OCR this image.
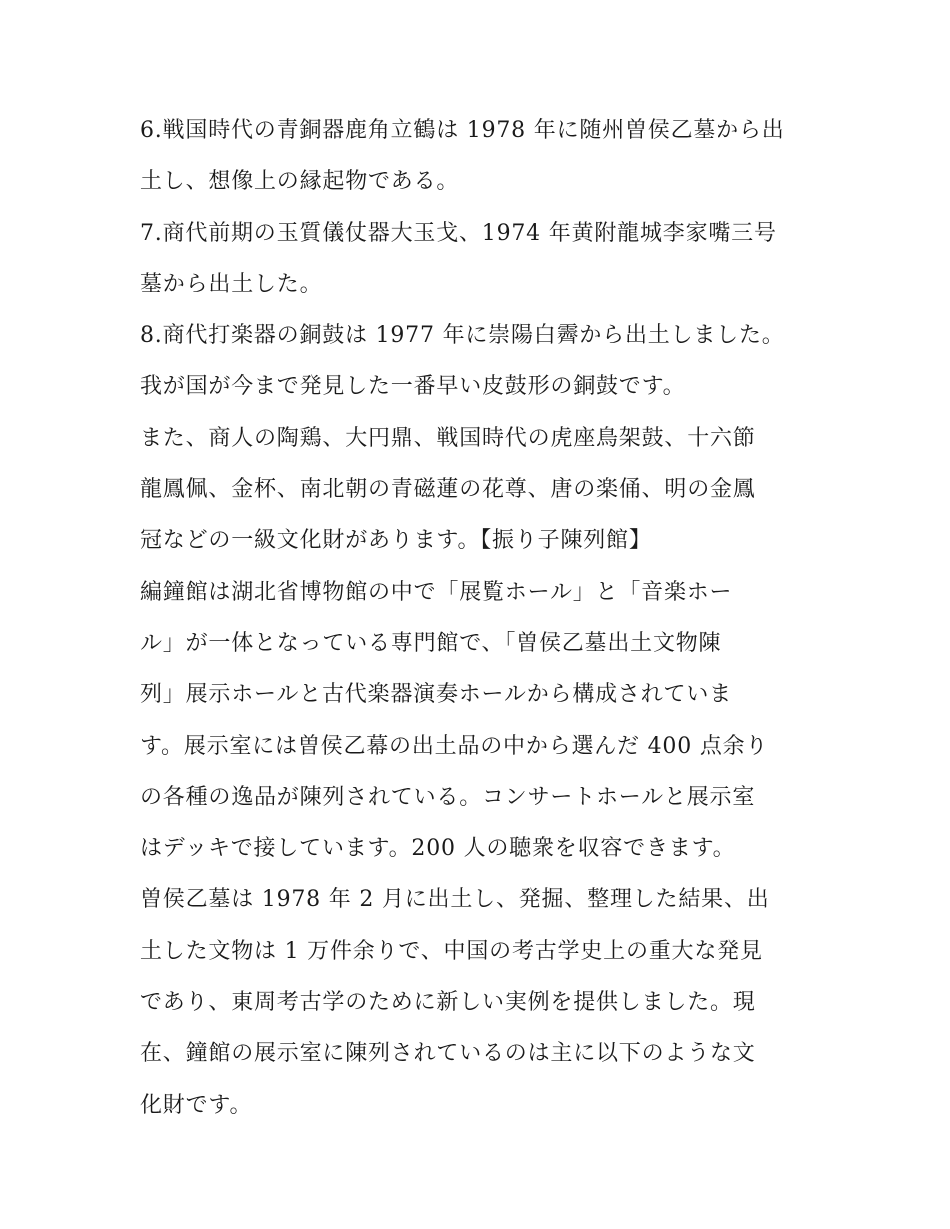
6.戦国時代の青銅器鹿角立鶴は 1978 年に随州曽侯乙墓から出
土し、想像上の縁起物である。
7.商代前期の玉質儀仗器大玉戈、1974 年黄附龍城李家嘴三号
墓から出土した。
8.商代打楽器の銅鼓は 1977 年に崇陽白霽から出土しました。
我が国が今まで発見した一番早い皮鼓形の銅鼓です。
また、商人の陶鶏、大円鼎、戦国時代の虎座鳥架鼓、十六節
龍鳳佩、金杯、南北朝の青磁蓮の花尊、唐の楽俑、明の金鳳
冠などの一級文化財があります。【振り子陳列館】
編鐘館は湖北省博物館の中で「展覧ホール」と「音楽ホー
ル」が一体となっている専門館で、「曽侯乙墓出土文物陳
列」展示ホールと古代楽器演奏ホールから構成されていま
す。展示室には曽侯乙幕の出土品の中から選んだ 400 点余り
の各種の逸品が陳列されている。コンサートホールと展示室
はデッキで接しています。200 人の聴衆を収容できます。
曽侯乙墓は 1978 年 2 月に出土し、発掘、整理した結果、出
土した文物は 1 万件余りで、中国の考古学史上の重大な発見
であり、東周考古学のために新しい実例を提供しました。現
在、鐘館の展示室に陳列されているのは主に以下のような文
化財です。
